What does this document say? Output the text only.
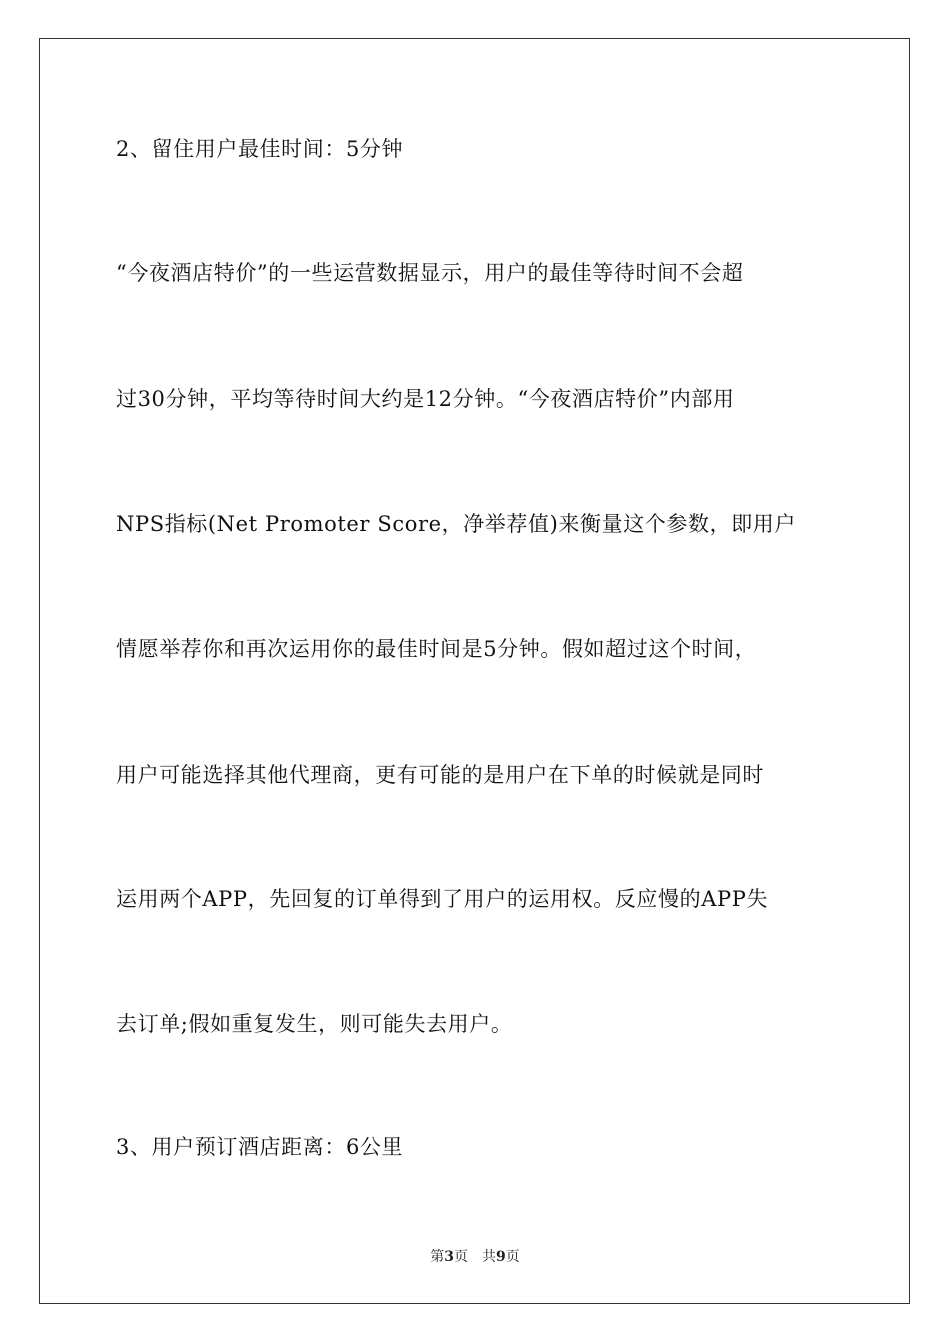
2、留住用户最佳时间：5分钟
“今夜酒店特价”的一些运营数据显示，用户的最佳等待时间不会超
过30分钟，平均等待时间大约是12分钟。“今夜酒店特价”内部用
NPS指标(Net Promoter Score，净举荐值)来衡量这个参数，即用户
情愿举荐你和再次运用你的最佳时间是5分钟。假如超过这个时间，
用户可能选择其他代理商，更有可能的是用户在下单的时候就是同时
运用两个APP，先回复的订单得到了用户的运用权。反应慢的APP失
去订单;假如重复发生，则可能失去用户。
3、用户预订酒店距离：6公里
第3页 共9页
